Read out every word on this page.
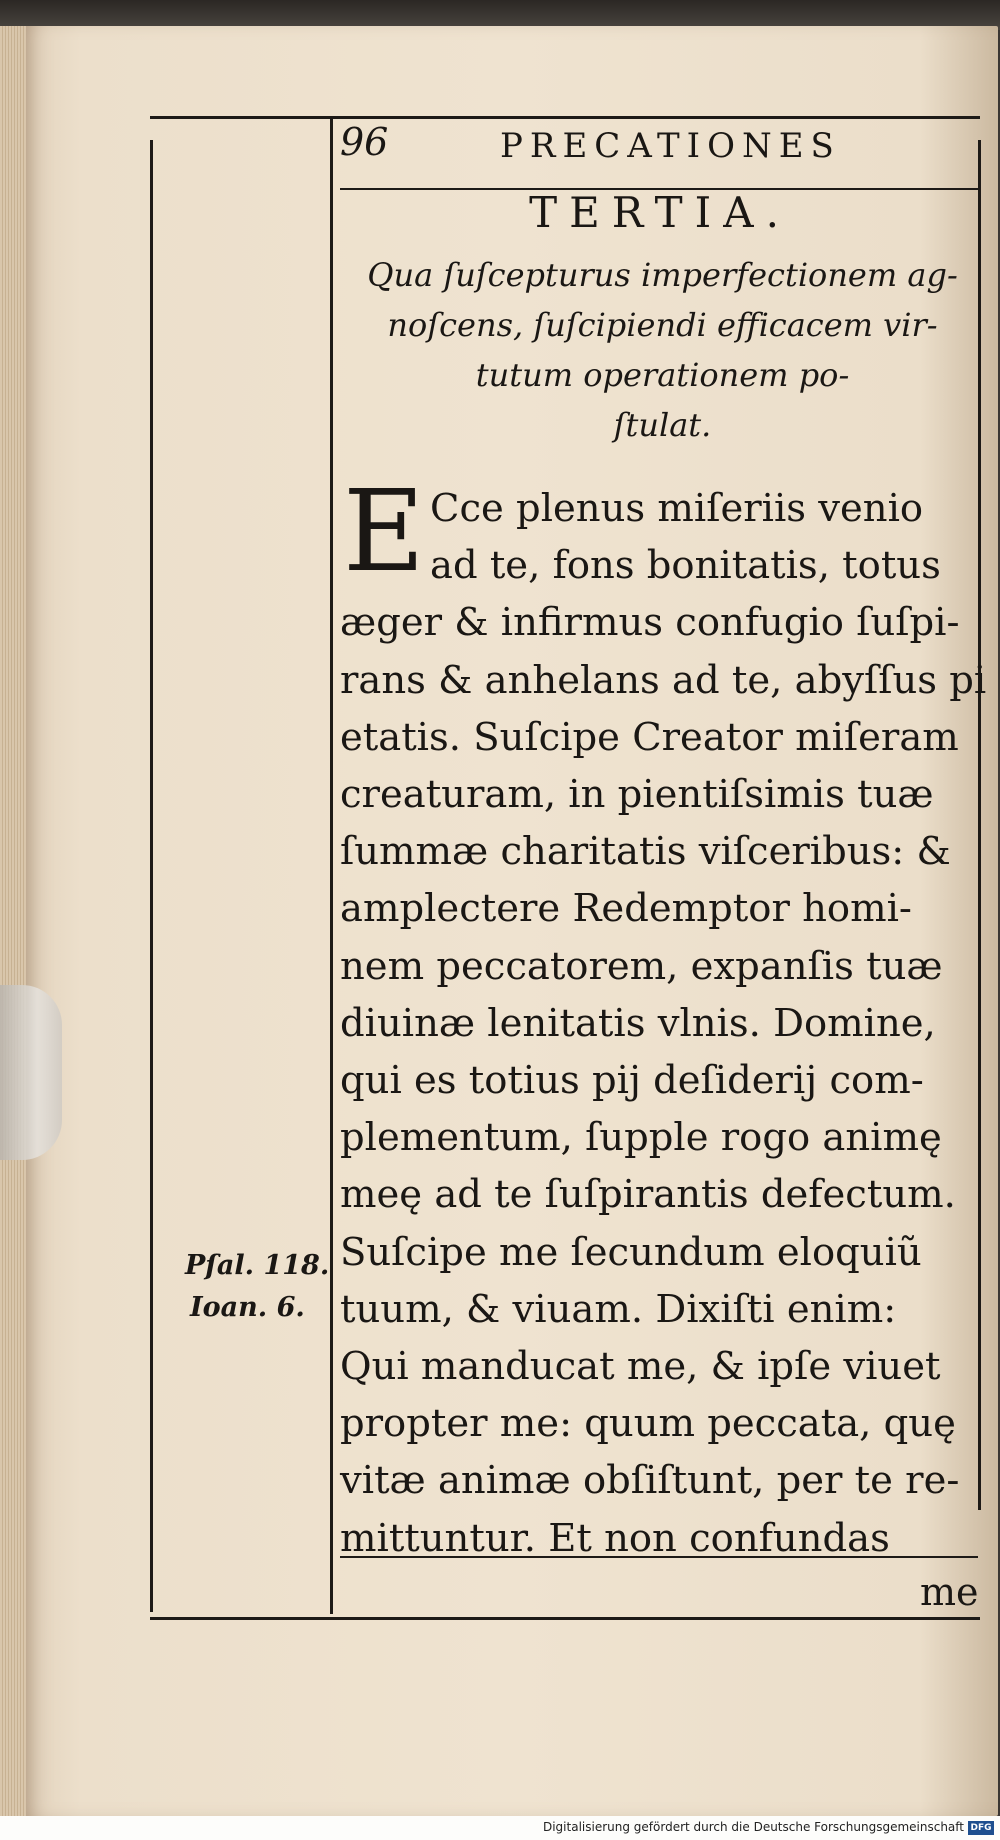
96	PRECATIONES
TERTIA.
Qua ſuſcepturus imperfectionem ag-
noſcens, ſuſcipiendi efficacem vir-
tutum operationem po-
ſtulat.
E Cce plenus miſeriis venio
ad te, fons bonitatis, totus
æger & infirmus confugio ſuſpi-
rans & anhelans ad te, abyſſus pi
etatis. Suſcipe Creator miſeram
creaturam, in pientiſsimis tuæ
ſummæ charitatis viſceribus: &
amplectere Redemptor homi-
nem peccatorem, expanſis tuæ
diuinæ lenitatis vlnis. Domine,
qui es totius pij deſiderij com-
plementum, ſupple rogo animę
meę ad te ſuſpirantis defectum.
Suſcipe me ſecundum eloquiũ
tuum, & viuam. Dixiſti enim:
Qui manducat me, & ipſe viuet
propter me: quum peccata, quę
vitæ animæ obſiſtunt, per te re-
mittuntur. Et non confundas
me
Pſal. 118.
Ioan. 6.
Digitalisierung gefördert durch die Deutsche Forschungsgemeinschaft DFG
